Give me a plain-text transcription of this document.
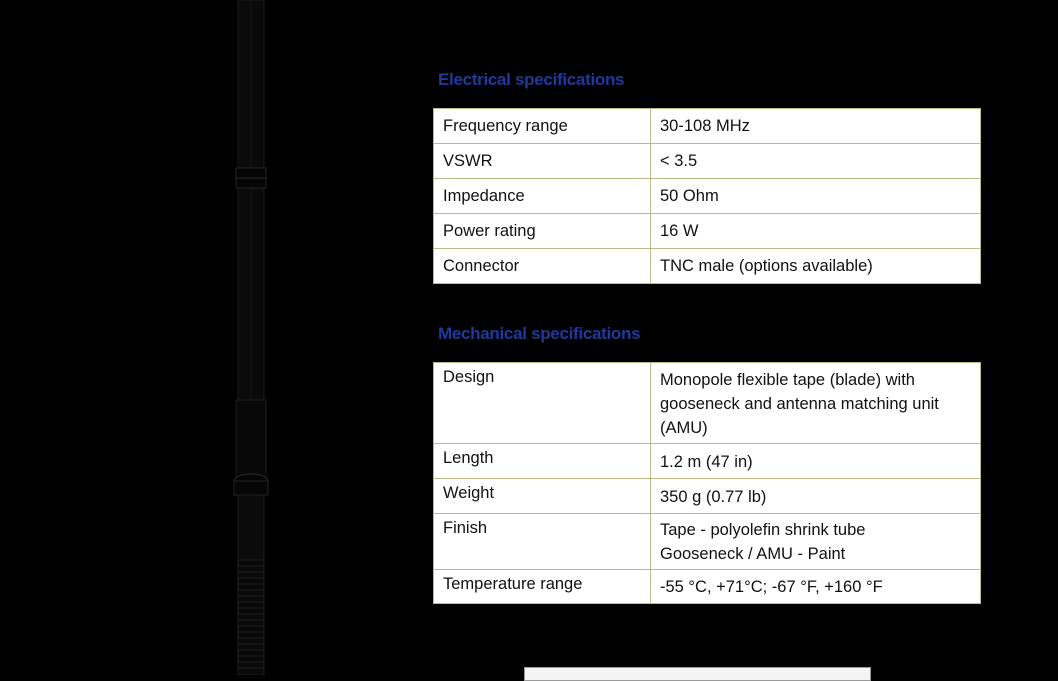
Electrical specifications
Frequency range	30-108 MHz
VSWR	< 3.5
Impedance	50 Ohm
Power rating	16 W
Connector	TNC male (options available)
Mechanical specifications
Design	Monopole flexible tape (blade) with
gooseneck and antenna matching unit
(AMU)

Length	1.2 m (47 in)

Weight	350 g (0.77 lb)

Finish	Tape - polyolefin shrink tube
Gooseneck / AMU - Paint

Temperature range	-55 °C, +71°C; -67 °F, +160 °F
